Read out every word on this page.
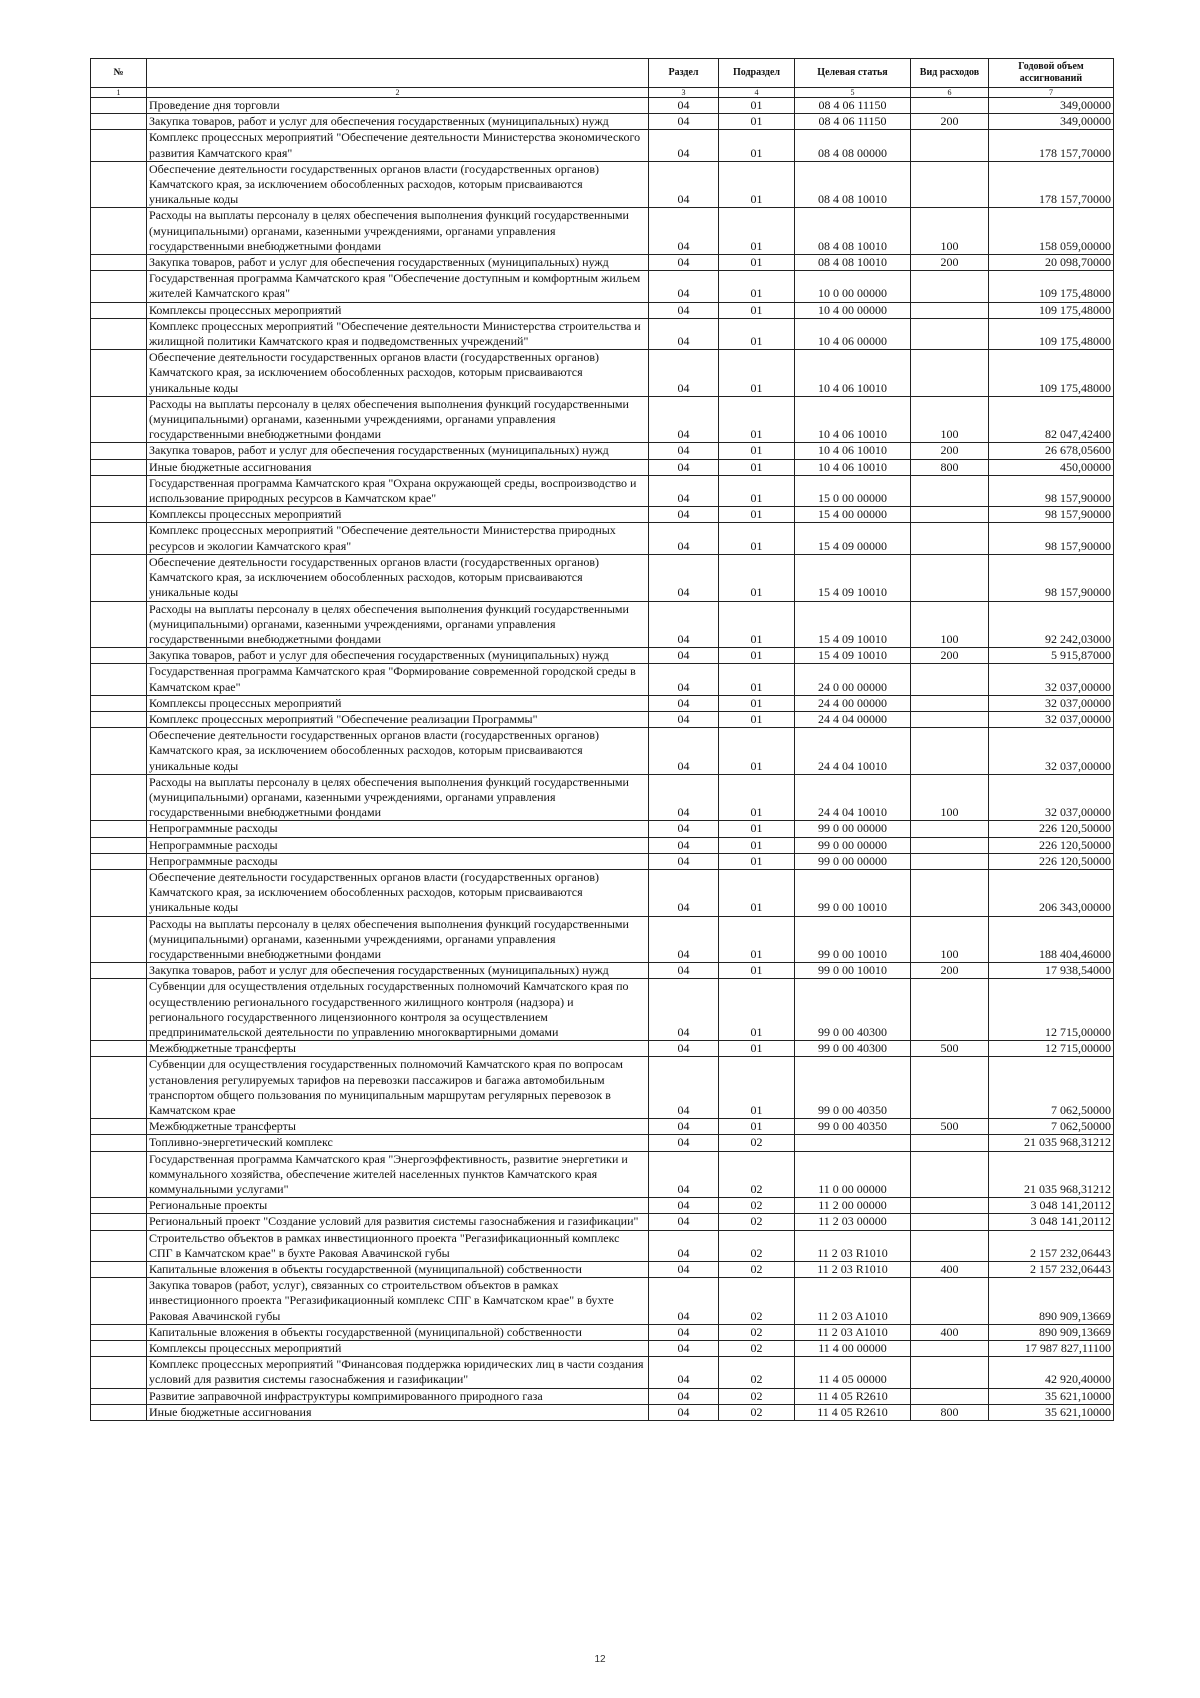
№		Раздел	Подраздел	Целевая статья	Вид расходов	Годовой объем ассигнований
1	2	3	4	5	6	7
	Проведение дня торговли	04	01	08 4 06 11150		349,00000
	Закупка товаров, работ и услуг для обеспечения государственных (муниципальных) нужд	04	01	08 4 06 11150	200	349,00000
	Комплекс процессных мероприятий "Обеспечение деятельности Министерства экономического развития Камчатского края"	04	01	08 4 08 00000		178 157,70000
	Обеспечение деятельности государственных органов власти (государственных органов) Камчатского края, за исключением обособленных расходов, которым присваиваются уникальные коды	04	01	08 4 08 10010		178 157,70000
	Расходы на выплаты персоналу в целях обеспечения выполнения функций государственными (муниципальными) органами, казенными учреждениями, органами управления государственными внебюджетными фондами	04	01	08 4 08 10010	100	158 059,00000
	Закупка товаров, работ и услуг для обеспечения государственных (муниципальных) нужд	04	01	08 4 08 10010	200	20 098,70000
	Государственная программа Камчатского края "Обеспечение доступным и комфортным жильем жителей Камчатского края"	04	01	10 0 00 00000		109 175,48000
	Комплексы процессных мероприятий	04	01	10 4 00 00000		109 175,48000
	Комплекс процессных мероприятий "Обеспечение деятельности Министерства строительства и жилищной политики Камчатского края и подведомственных учреждений"	04	01	10 4 06 00000		109 175,48000
	Обеспечение деятельности государственных органов власти (государственных органов) Камчатского края, за исключением обособленных расходов, которым присваиваются уникальные коды	04	01	10 4 06 10010		109 175,48000
	Расходы на выплаты персоналу в целях обеспечения выполнения функций государственными (муниципальными) органами, казенными учреждениями, органами управления государственными внебюджетными фондами	04	01	10 4 06 10010	100	82 047,42400
	Закупка товаров, работ и услуг для обеспечения государственных (муниципальных) нужд	04	01	10 4 06 10010	200	26 678,05600
	Иные бюджетные ассигнования	04	01	10 4 06 10010	800	450,00000
	Государственная программа Камчатского края "Охрана окружающей среды, воспроизводство и использование природных ресурсов в Камчатском крае"	04	01	15 0 00 00000		98 157,90000
	Комплексы процессных мероприятий	04	01	15 4 00 00000		98 157,90000
	Комплекс процессных мероприятий "Обеспечение деятельности Министерства природных ресурсов и экологии Камчатского края"	04	01	15 4 09 00000		98 157,90000
	Обеспечение деятельности государственных органов власти (государственных органов) Камчатского края, за исключением обособленных расходов, которым присваиваются уникальные коды	04	01	15 4 09 10010		98 157,90000
	Расходы на выплаты персоналу в целях обеспечения выполнения функций государственными (муниципальными) органами, казенными учреждениями, органами управления государственными внебюджетными фондами	04	01	15 4 09 10010	100	92 242,03000
	Закупка товаров, работ и услуг для обеспечения государственных (муниципальных) нужд	04	01	15 4 09 10010	200	5 915,87000
	Государственная программа Камчатского края "Формирование современной городской среды в Камчатском крае"	04	01	24 0 00 00000		32 037,00000
	Комплексы процессных мероприятий	04	01	24 4 00 00000		32 037,00000
	Комплекс процессных мероприятий "Обеспечение реализации Программы"	04	01	24 4 04 00000		32 037,00000
	Обеспечение деятельности государственных органов власти (государственных органов) Камчатского края, за исключением обособленных расходов, которым присваиваются уникальные коды	04	01	24 4 04 10010		32 037,00000
	Расходы на выплаты персоналу в целях обеспечения выполнения функций государственными (муниципальными) органами, казенными учреждениями, органами управления государственными внебюджетными фондами	04	01	24 4 04 10010	100	32 037,00000
	Непрограммные расходы	04	01	99 0 00 00000		226 120,50000
	Непрограммные расходы	04	01	99 0 00 00000		226 120,50000
	Непрограммные расходы	04	01	99 0 00 00000		226 120,50000
	Обеспечение деятельности государственных органов власти (государственных органов) Камчатского края, за исключением обособленных расходов, которым присваиваются уникальные коды	04	01	99 0 00 10010		206 343,00000
	Расходы на выплаты персоналу в целях обеспечения выполнения функций государственными (муниципальными) органами, казенными учреждениями, органами управления государственными внебюджетными фондами	04	01	99 0 00 10010	100	188 404,46000
	Закупка товаров, работ и услуг для обеспечения государственных (муниципальных) нужд	04	01	99 0 00 10010	200	17 938,54000
	Субвенции для осуществления отдельных государственных полномочий Камчатского края по осуществлению регионального государственного жилищного контроля (надзора) и регионального государственного лицензионного контроля за осуществлением предпринимательской деятельности по управлению многоквартирными домами	04	01	99 0 00 40300		12 715,00000
	Межбюджетные трансферты	04	01	99 0 00 40300	500	12 715,00000
	Субвенции для осуществления государственных полномочий Камчатского края по вопросам установления регулируемых тарифов на перевозки пассажиров и багажа автомобильным транспортом общего пользования по муниципальным маршрутам регулярных перевозок в Камчатском крае	04	01	99 0 00 40350		7 062,50000
	Межбюджетные трансферты	04	01	99 0 00 40350	500	7 062,50000
	Топливно-энергетический комплекс	04	02			21 035 968,31212
	Государственная программа Камчатского края "Энергоэффективность, развитие энергетики и коммунального хозяйства, обеспечение жителей населенных пунктов Камчатского края коммунальными услугами"	04	02	11 0 00 00000		21 035 968,31212
	Региональные проекты	04	02	11 2 00 00000		3 048 141,20112
	Региональный проект "Создание условий для развития системы газоснабжения и газификации"	04	02	11 2 03 00000		3 048 141,20112
	Строительство объектов в рамках инвестиционного проекта "Регазификационный комплекс СПГ в Камчатском крае" в бухте Раковая Авачинской губы	04	02	11 2 03 R1010		2 157 232,06443
	Капитальные вложения в объекты государственной (муниципальной) собственности	04	02	11 2 03 R1010	400	2 157 232,06443
	Закупка товаров (работ, услуг), связанных со строительством объектов в рамках инвестиционного проекта "Регазификационный комплекс СПГ в Камчатском крае" в бухте Раковая Авачинской губы	04	02	11 2 03 A1010		890 909,13669
	Капитальные вложения в объекты государственной (муниципальной) собственности	04	02	11 2 03 A1010	400	890 909,13669
	Комплексы процессных мероприятий	04	02	11 4 00 00000		17 987 827,11100
	Комплекс процессных мероприятий "Финансовая поддержка юридических лиц в части создания условий для развития системы газоснабжения и газификации"	04	02	11 4 05 00000		42 920,40000
	Развитие заправочной инфраструктуры компримированного природного газа	04	02	11 4 05 R2610		35 621,10000
	Иные бюджетные ассигнования	04	02	11 4 05 R2610	800	35 621,10000
12
